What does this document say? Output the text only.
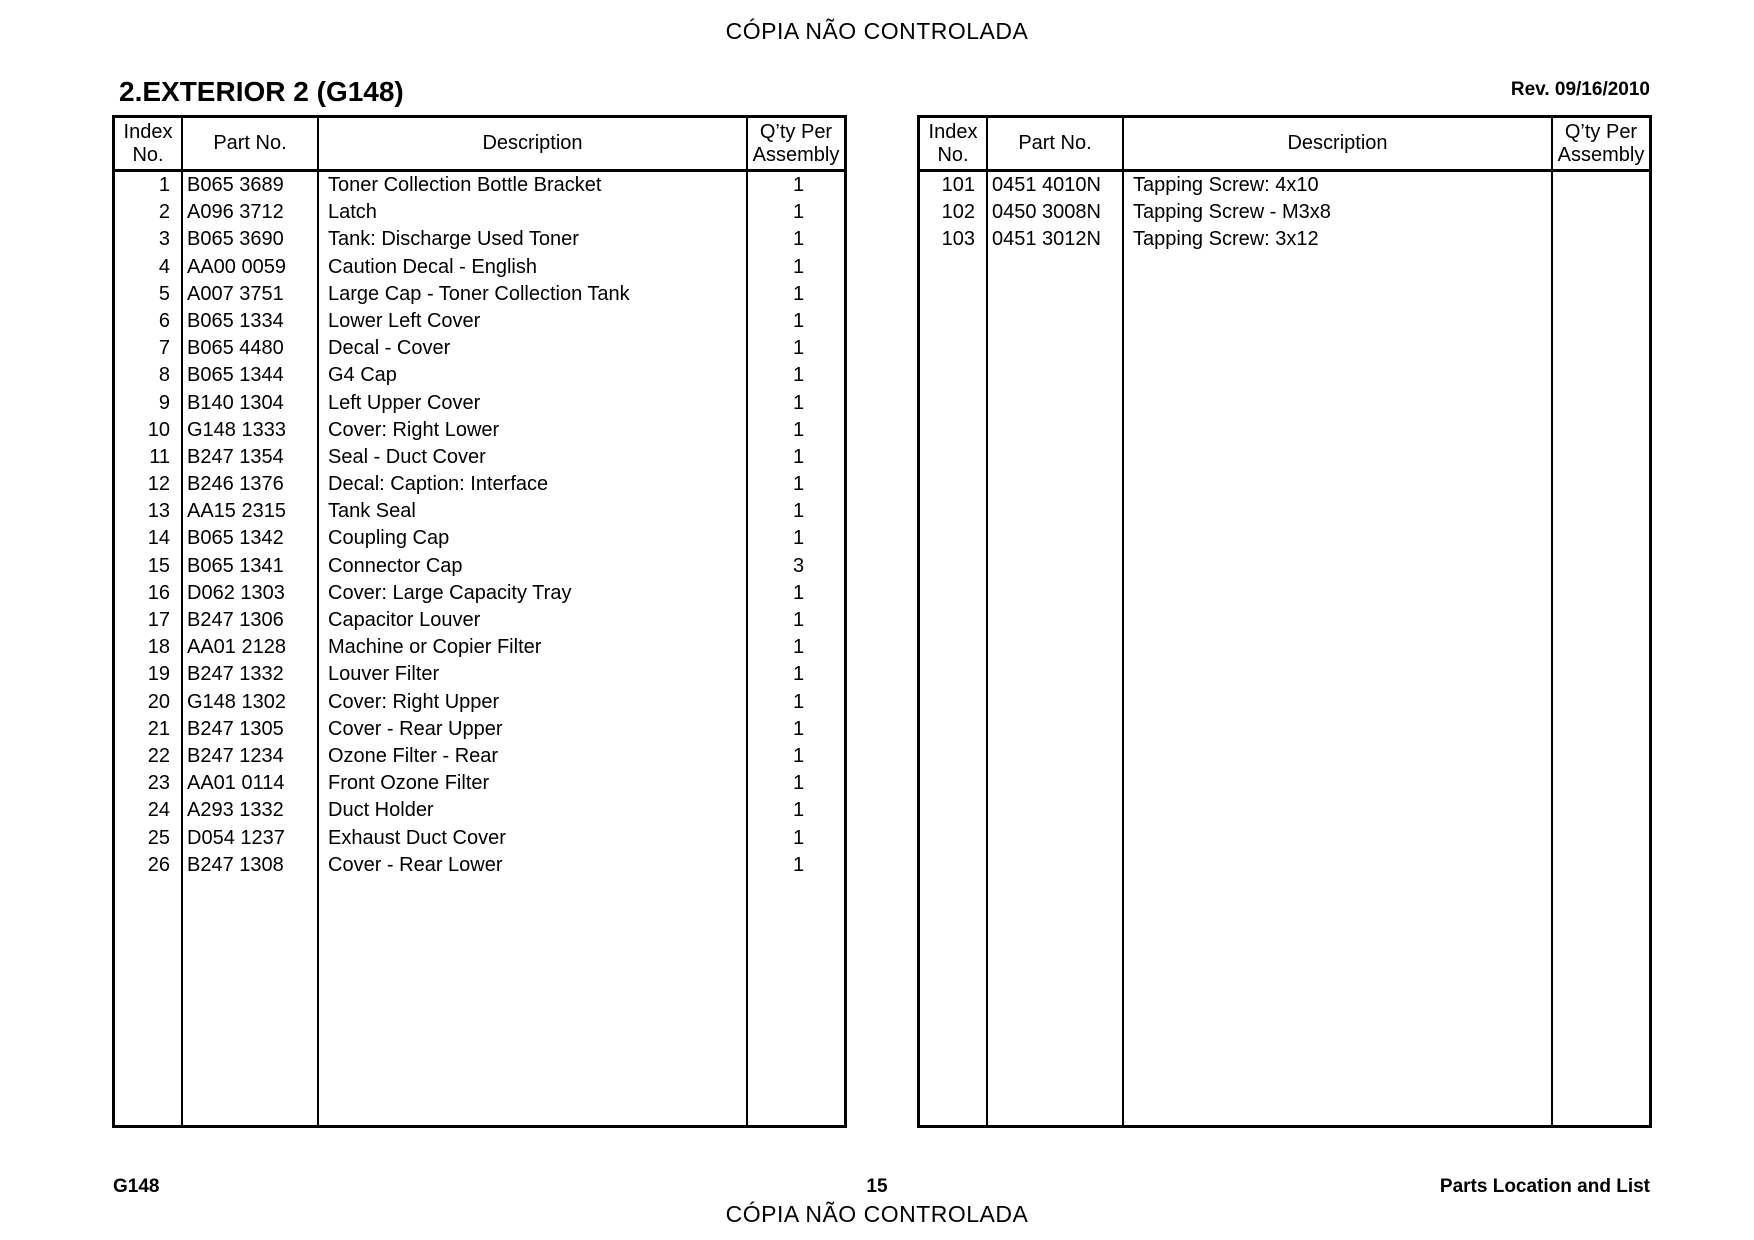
CÓPIA NÃO CONTROLADA
2.EXTERIOR 2 (G148)	Rev. 09/16/2010
Index
No.
Part No.	Description
Q’ty Per
Assembly
1 B065 3689	Toner Collection Bottle Bracket	1
2 A096 3712	Latch	1
3 B065 3690	Tank: Discharge Used Toner	1
4 AA00 0059	Caution Decal - English	1
5 A007 3751	Large Cap - Toner Collection Tank	1
6 B065 1334	Lower Left Cover	1
7 B065 4480	Decal - Cover	1
8 B065 1344	G4 Cap	1
9 B140 1304	Left Upper Cover	1
10 G148 1333	Cover: Right Lower	1
11 B247 1354	Seal - Duct Cover	1
12 B246 1376	Decal: Caption: Interface	1
13 AA15 2315	Tank Seal	1
14 B065 1342	Coupling Cap	1
15 B065 1341	Connector Cap	3
16 D062 1303	Cover: Large Capacity Tray	1
17 B247 1306	Capacitor Louver	1
18 AA01 2128	Machine or Copier Filter	1
19 B247 1332	Louver Filter	1
20 G148 1302	Cover: Right Upper	1
21 B247 1305	Cover - Rear Upper	1
22 B247 1234	Ozone Filter - Rear	1
23 AA01 0114	Front Ozone Filter	1
24 A293 1332	Duct Holder	1
25 D054 1237	Exhaust Duct Cover	1
26 B247 1308	Cover - Rear Lower	1
Index
No.
Part No.	Description
Q’ty Per
Assembly
101 0451 4010N	Tapping Screw: 4x10
102 0450 3008N	Tapping Screw - M3x8
103 0451 3012N	Tapping Screw: 3x12
G148	15	Parts Location and List
CÓPIA NÃO CONTROLADA
